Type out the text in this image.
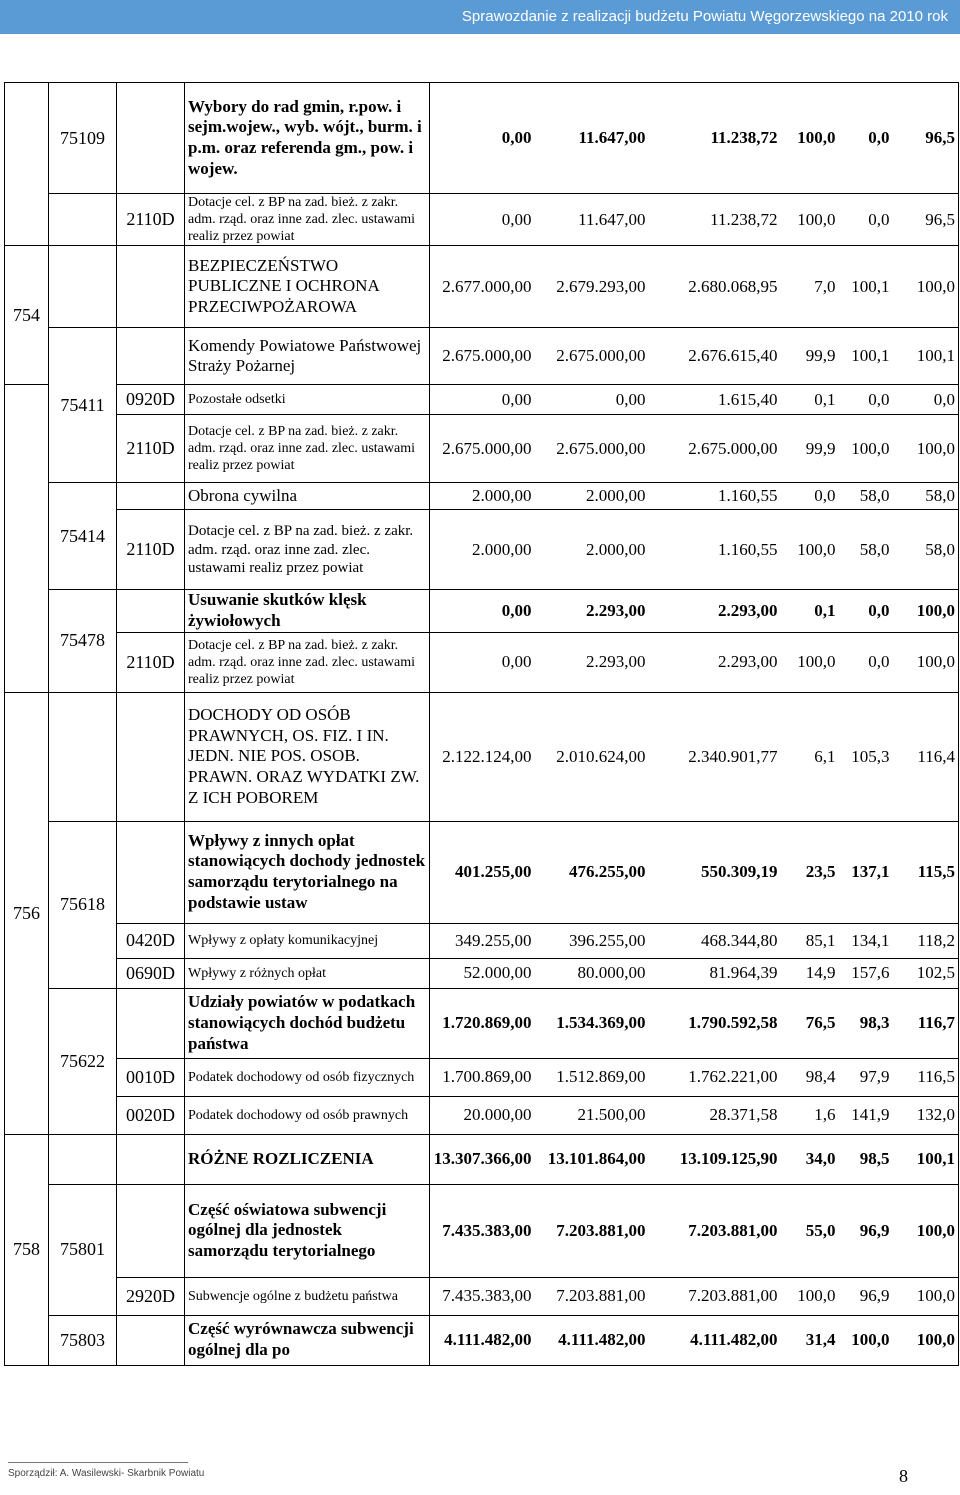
Sprawozdanie z realizacji budżetu Powiatu Węgorzewskiego na 2010 rok
	75109		Wybory do rad gmin, r.pow. i sejm.wojew., wyb. wójt., burm. i p.m. oraz referenda gm., pow. i wojew.	0,00	11.647,00	11.238,72	100,0	0,0	96,5
		2110D	Dotacje cel. z BP na zad. bież. z zakr. adm. rząd. oraz inne zad. zlec. ustawami realiz przez powiat	0,00	11.647,00	11.238,72	100,0	0,0	96,5
754			BEZPIECZEŃSTWO PUBLICZNE I OCHRONA PRZECIWPOŻAROWA	2.677.000,00	2.679.293,00	2.680.068,95	7,0	100,1	100,0
	75411		Komendy Powiatowe Państwowej Straży Pożarnej	2.675.000,00	2.675.000,00	2.676.615,40	99,9	100,1	100,1
		0920D	Pozostałe odsetki	0,00	0,00	1.615,40	0,1	0,0	0,0
		2110D	Dotacje cel. z BP na zad. bież. z zakr. adm. rząd. oraz inne zad. zlec. ustawami realiz przez powiat	2.675.000,00	2.675.000,00	2.675.000,00	99,9	100,0	100,0
	75414		Obrona cywilna	2.000,00	2.000,00	1.160,55	0,0	58,0	58,0
		2110D	Dotacje cel. z BP na zad. bież. z zakr. adm. rząd. oraz inne zad. zlec. ustawami realiz przez powiat	2.000,00	2.000,00	1.160,55	100,0	58,0	58,0
	75478		Usuwanie skutków klęsk żywiołowych	0,00	2.293,00	2.293,00	0,1	0,0	100,0
		2110D	Dotacje cel. z BP na zad. bież. z zakr. adm. rząd. oraz inne zad. zlec. ustawami realiz przez powiat	0,00	2.293,00	2.293,00	100,0	0,0	100,0
756			DOCHODY OD OSÓB PRAWNYCH, OS. FIZ. I IN. JEDN. NIE POS. OSOB. PRAWN. ORAZ WYDATKI ZW. Z ICH POBOREM	2.122.124,00	2.010.624,00	2.340.901,77	6,1	105,3	116,4
	75618		Wpływy z innych opłat stanowiących dochody jednostek samorządu terytorialnego na podstawie ustaw	401.255,00	476.255,00	550.309,19	23,5	137,1	115,5
		0420D	Wpływy z opłaty komunikacyjnej	349.255,00	396.255,00	468.344,80	85,1	134,1	118,2
		0690D	Wpływy z różnych opłat	52.000,00	80.000,00	81.964,39	14,9	157,6	102,5
	75622		Udziały powiatów w podatkach stanowiących dochód budżetu państwa	1.720.869,00	1.534.369,00	1.790.592,58	76,5	98,3	116,7
		0010D	Podatek dochodowy od osób fizycznych	1.700.869,00	1.512.869,00	1.762.221,00	98,4	97,9	116,5
		0020D	Podatek dochodowy od osób prawnych	20.000,00	21.500,00	28.371,58	1,6	141,9	132,0
758			RÓŻNE ROZLICZENIA	13.307.366,00	13.101.864,00	13.109.125,90	34,0	98,5	100,1
	75801		Część oświatowa subwencji ogólnej dla jednostek samorządu terytorialnego	7.435.383,00	7.203.881,00	7.203.881,00	55,0	96,9	100,0
		2920D	Subwencje ogólne z budżetu państwa	7.435.383,00	7.203.881,00	7.203.881,00	100,0	96,9	100,0
	75803		Część wyrównawcza subwencji ogólnej dla po	4.111.482,00	4.111.482,00	4.111.482,00	31,4	100,0	100,0
Sporządził: A. Wasilewski- Skarbnik Powiatu	8
